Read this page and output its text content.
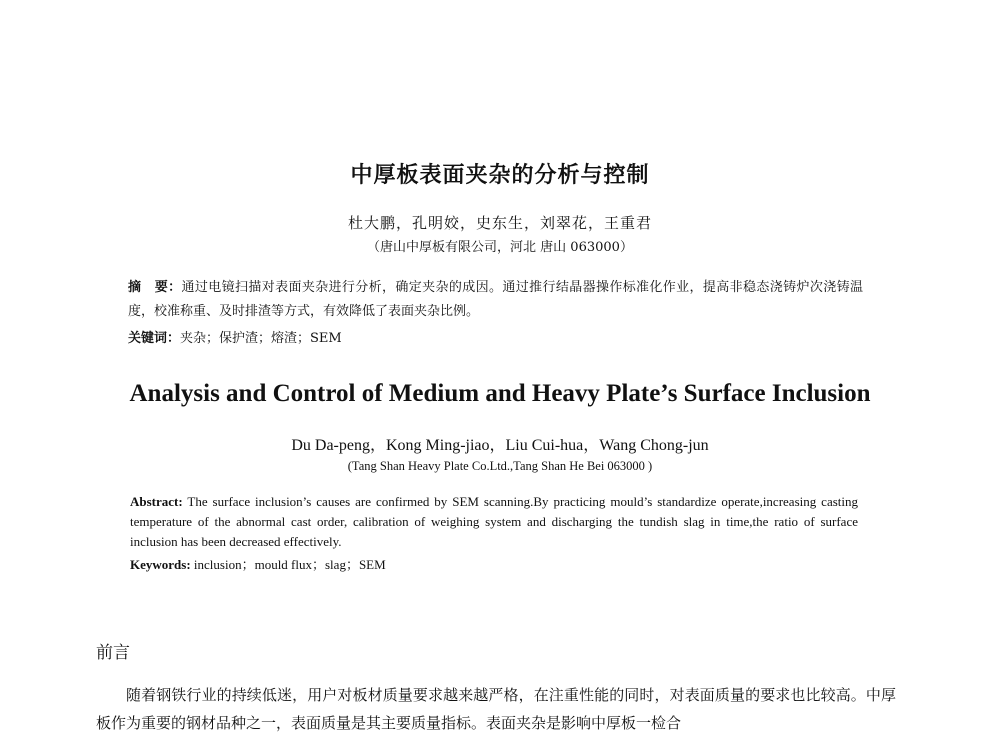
中厚板表面夹杂的分析与控制
杜大鹏，孔明姣，史东生，刘翠花，王重君
（唐山中厚板有限公司，河北 唐山 063000）
摘　要：通过电镜扫描对表面夹杂进行分析，确定夹杂的成因。通过推行结晶器操作标准化作业，提高非稳态浇铸炉次浇铸温度，校准称重、及时排渣等方式，有效降低了表面夹杂比例。
关键词：夹杂；保护渣；熔渣；SEM
Analysis and Control of Medium and Heavy Plate’s Surface Inclusion
Du Da-peng，Kong Ming-jiao，Liu Cui-hua，Wang Chong-jun
(Tang Shan Heavy Plate Co.Ltd.,Tang Shan He Bei 063000 )
Abstract: The surface inclusion’s causes are confirmed by SEM scanning.By practicing mould’s standardize operate,increasing casting temperature of the abnormal cast order, calibration of weighing system and discharging the tundish slag in time,the ratio of surface inclusion has been decreased effectively.
Keywords: inclusion；mould flux；slag；SEM
前言
随着钢铁行业的持续低迷，用户对板材质量要求越来越严格，在注重性能的同时，对表面质量的要求也比较高。中厚板作为重要的钢材品种之一，表面质量是其主要质量指标。表面夹杂是影响中厚板一检合
